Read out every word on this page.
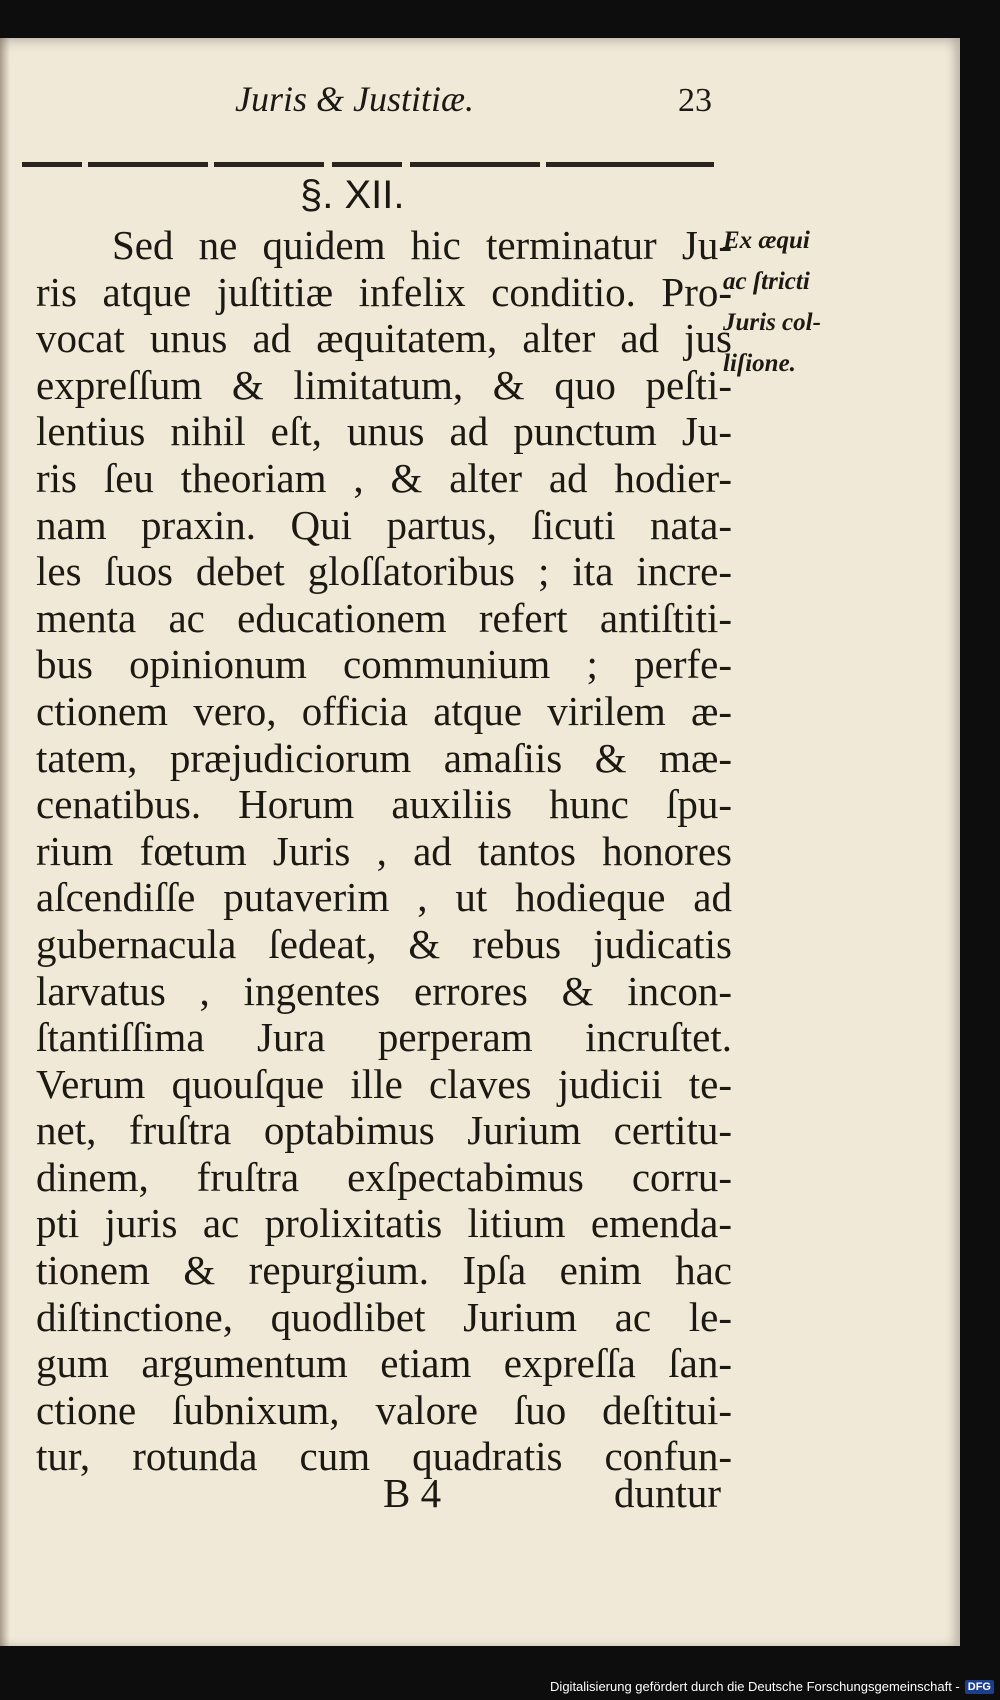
Juris & Justitiæ.	23
§. XII.
Sed ne quidem hic terminatur Ju-
ris atque juſtitiæ infelix conditio. Pro-
vocat unus ad æquitatem, alter ad jus
expreſſum & limitatum, & quo peſti-
lentius nihil eſt, unus ad punctum Ju-
ris ſeu theoriam , & alter ad hodier-
nam praxin. Qui partus, ſicuti nata-
les ſuos debet gloſſatoribus ; ita incre-
menta ac educationem refert antiſtiti-
bus opinionum communium ; perfe-
ctionem vero, officia atque virilem æ-
tatem, præjudiciorum amaſiis & mæ-
cenatibus. Horum auxiliis hunc ſpu-
rium fœtum Juris , ad tantos honores
aſcendiſſe putaverim , ut hodieque ad
gubernacula ſedeat, & rebus judicatis
larvatus , ingentes errores & incon-
ſtantiſſima Jura perperam incruſtet.
Verum quouſque ille claves judicii te-
net, fruſtra optabimus Jurium certitu-
dinem, fruſtra exſpectabimus corru-
pti juris ac prolixitatis litium emenda-
tionem & repurgium. Ipſa enim hac
diſtinctione, quodlibet Jurium ac le-
gum argumentum etiam expreſſa ſan-
ctione ſubnixum, valore ſuo deſtitui-
tur, rotunda cum quadratis confun-
Ex æqui
ac ſtricti
Juris col-
liſione.
B 4	duntur
Digitalisierung gefördert durch die Deutsche Forschungsgemeinschaft - DFG
